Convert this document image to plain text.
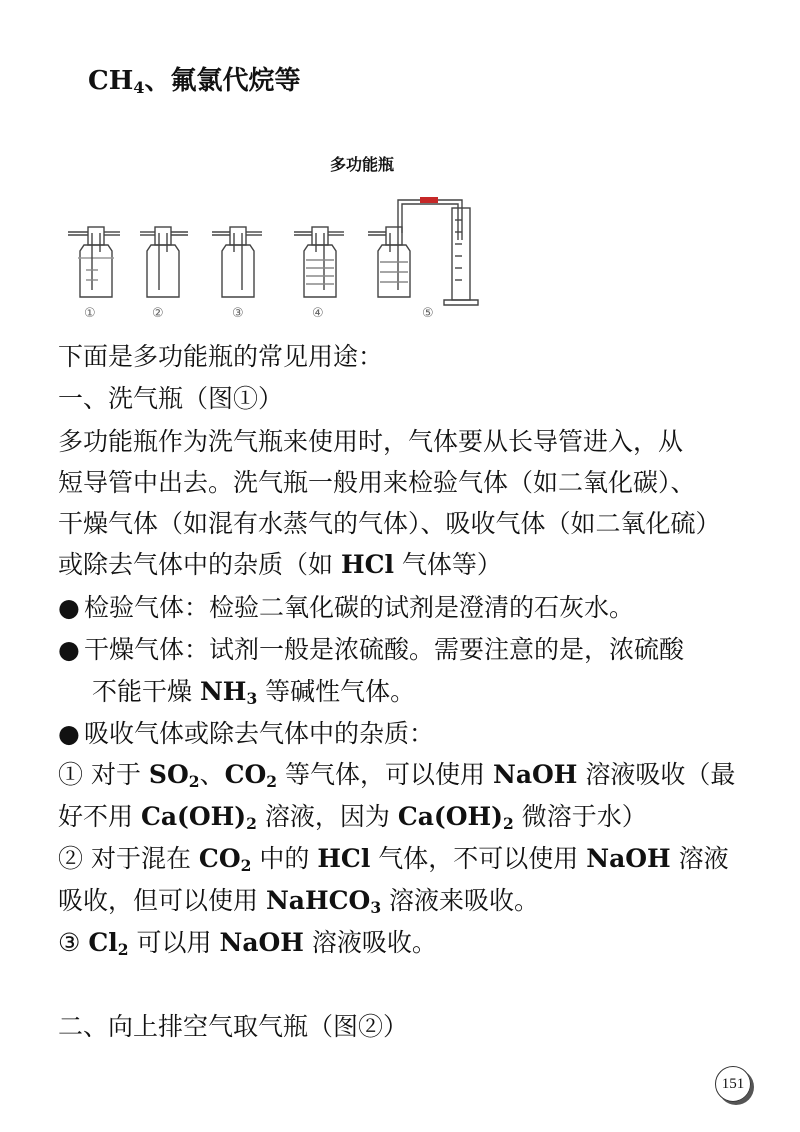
$CH_4$、氟氯代烷等
多功能瓶
①	②	③	④	⑤
下面是多功能瓶的常见用途：
一、洗气瓶（图①）
多功能瓶作为洗气瓶来使用时，气体要从长导管进入，从
短导管中出去。洗气瓶一般用来检验气体（如二氧化碳）、
干燥气体（如混有水蒸气的气体）、吸收气体（如二氧化硫）
或除去气体中的杂质（如 HCl 气体等）
● 检验气体：检验二氧化碳的试剂是澄清的石灰水。
● 干燥气体：试剂一般是浓硫酸。需要注意的是，浓硫酸
不能干燥 $NH_3$ 等碱性气体。
● 吸收气体或除去气体中的杂质：
① 对于 $SO_2$、$CO_2$ 等气体，可以使用 NaOH 溶液吸收（最
好不用 $Ca(OH)_2$ 溶液，因为 $Ca(OH)_2$ 微溶于水）
② 对于混在 $CO_2$ 中的 HCl 气体，不可以使用 NaOH 溶液
吸收，但可以使用 NaHCO$_3$ 溶液来吸收。
③ $Cl_2$ 可以用 NaOH 溶液吸收。
二、向上排空气取气瓶（图②）
151
